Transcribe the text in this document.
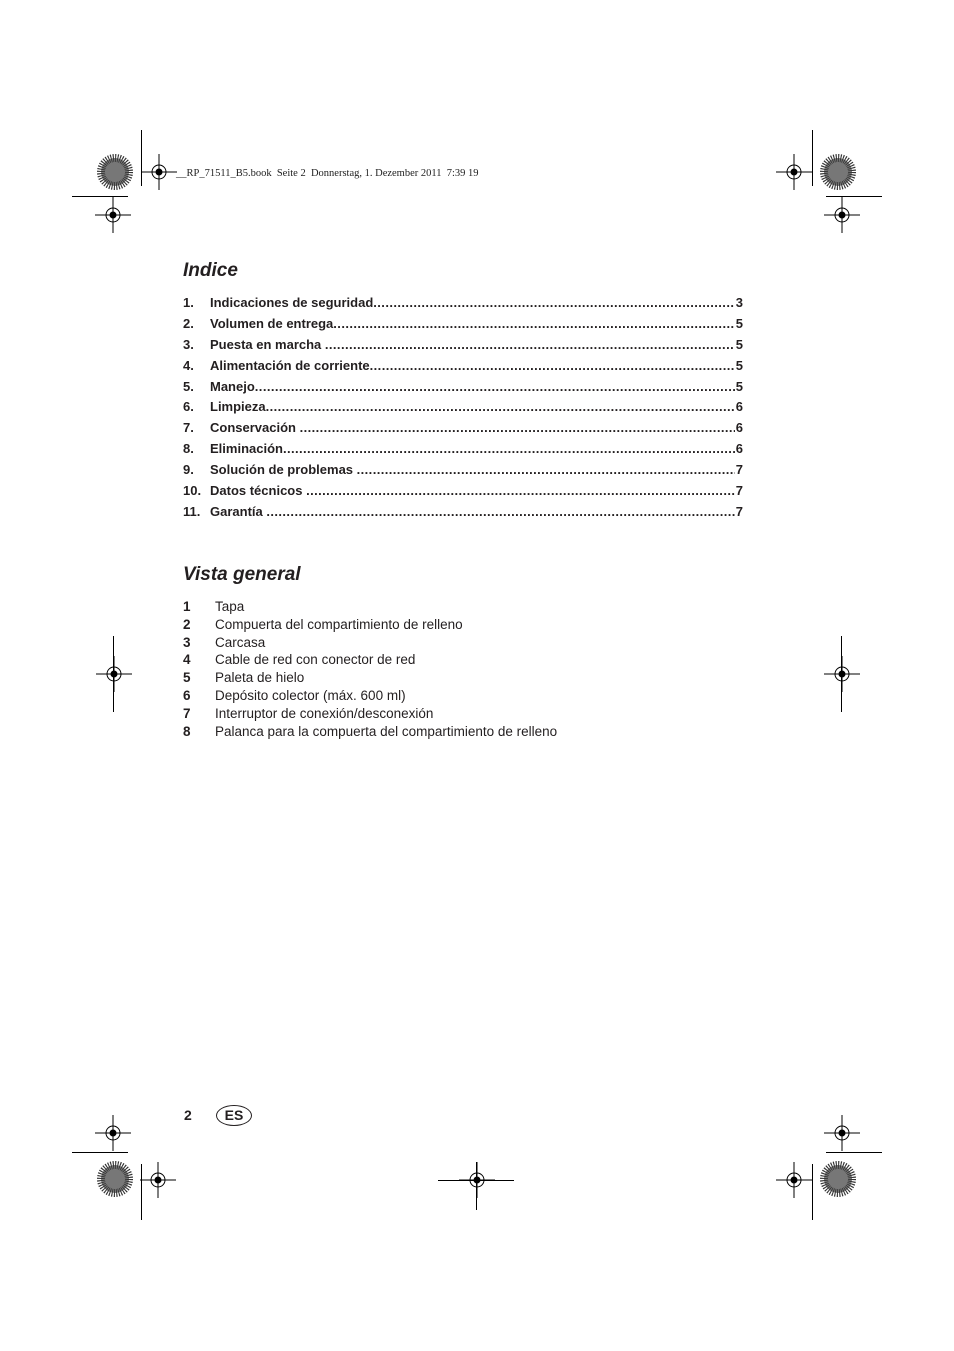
__RP_71511_B5.book  Seite 2  Donnerstag, 1. Dezember 2011  7:39 19
Indice
1.	Indicaciones de seguridad .....	3
2.	Volumen de entrega .....	5
3.	Puesta en marcha .....	5
4.	Alimentación de corriente .....	5
5.	Manejo .....	5
6.	Limpieza .....	6
7.	Conservación .....	6
8.	Eliminación .....	6
9.	Solución de problemas .....	7
10. Datos técnicos .....	7
11. Garantía .....	7
Vista general
1	Tapa
2	Compuerta del compartimiento de relleno
3	Carcasa
4	Cable de red con conector de red
5	Paleta de hielo
6	Depósito colector (máx. 600 ml)
7	Interruptor de conexión/desconexión
8	Palanca para la compuerta del compartimiento de relleno
2	ES
